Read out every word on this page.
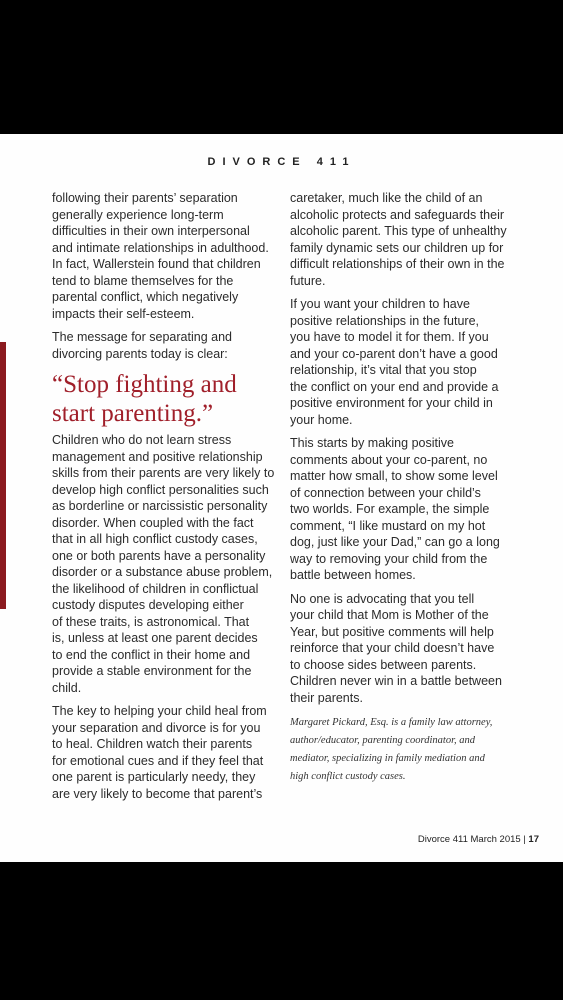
DIVORCE 411

following their parents’ separation
generally experience long-term
difficulties in their own interpersonal
and intimate relationships in adulthood.
In fact, Wallerstein found that children
tend to blame themselves for the
parental conflict, which negatively
impacts their self-esteem.

The message for separating and
divorcing parents today is clear:

“Stop fighting and
start parenting.”

Children who do not learn stress
management and positive relationship
skills from their parents are very likely to
develop high conflict personalities such
as borderline or narcissistic personality
disorder. When coupled with the fact
that in all high conflict custody cases,
one or both parents have a personality
disorder or a substance abuse problem,
the likelihood of children in conflictual
custody disputes developing either
of these traits, is astronomical. That
is, unless at least one parent decides
to end the conflict in their home and
provide a stable environment for the
child.

The key to helping your child heal from
your separation and divorce is for you
to heal. Children watch their parents
for emotional cues and if they feel that
one parent is particularly needy, they
are very likely to become that parent’s

caretaker, much like the child of an
alcoholic protects and safeguards their
alcoholic parent. This type of unhealthy
family dynamic sets our children up for
difficult relationships of their own in the
future.

If you want your children to have
positive relationships in the future,
you have to model it for them. If you
and your co-parent don’t have a good
relationship, it’s vital that you stop
the conflict on your end and provide a
positive environment for your child in
your home.

This starts by making positive
comments about your co-parent, no
matter how small, to show some level
of connection between your child’s
two worlds. For example, the simple
comment, “I like mustard on my hot
dog, just like your Dad,” can go a long
way to removing your child from the
battle between homes.

No one is advocating that you tell
your child that Mom is Mother of the
Year, but positive comments will help
reinforce that your child doesn’t have
to choose sides between parents.
Children never win in a battle between
their parents.

Margaret Pickard, Esq. is a family law attorney,
author/educator, parenting coordinator, and
mediator, specializing in family mediation and
high conflict custody cases.
Divorce 411 March 2015 | 17
